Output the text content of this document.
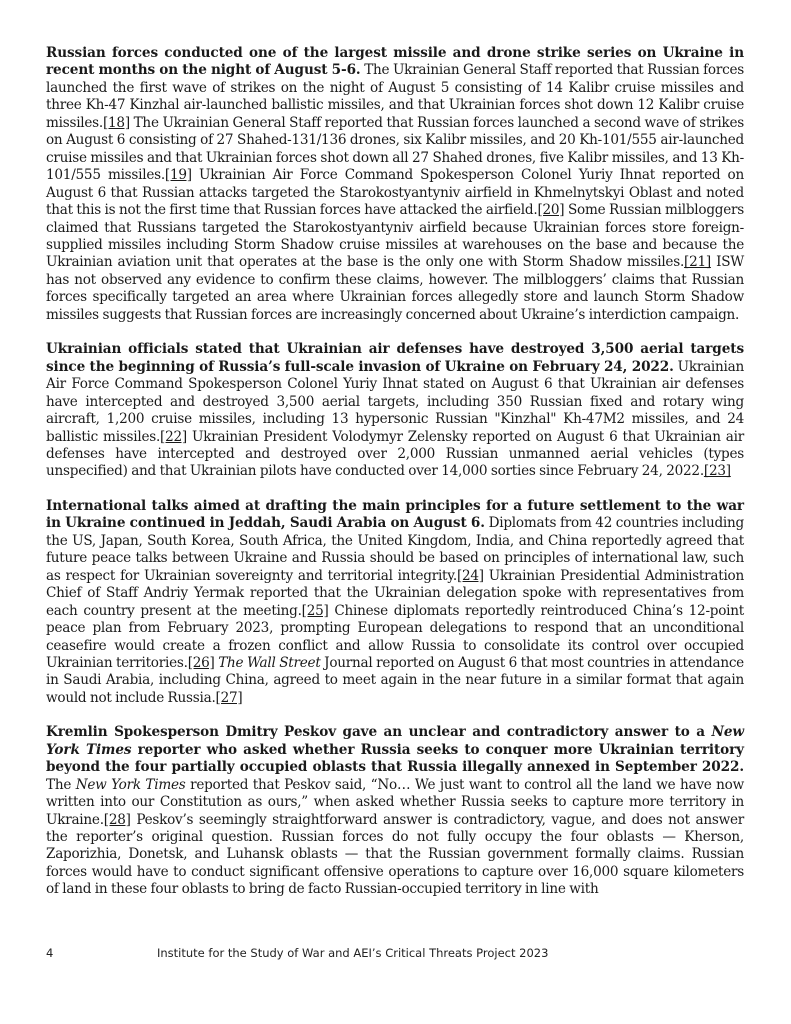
Russian forces conducted one of the largest missile and drone strike series on Ukraine in recent months on the night of August 5-6. The Ukrainian General Staff reported that Russian forces launched the first wave of strikes on the night of August 5 consisting of 14 Kalibr cruise missiles and three Kh-47 Kinzhal air-launched ballistic missiles, and that Ukrainian forces shot down 12 Kalibr cruise missiles.[18] The Ukrainian General Staff reported that Russian forces launched a second wave of strikes on August 6 consisting of 27 Shahed-131/136 drones, six Kalibr missiles, and 20 Kh-101/555 air-launched cruise missiles and that Ukrainian forces shot down all 27 Shahed drones, five Kalibr missiles, and 13 Kh-101/555 missiles.[19] Ukrainian Air Force Command Spokesperson Colonel Yuriy Ihnat reported on August 6 that Russian attacks targeted the Starokostyantyniv airfield in Khmelnytskyi Oblast and noted that this is not the first time that Russian forces have attacked the airfield.[20] Some Russian milbloggers claimed that Russians targeted the Starokostyantyniv airfield because Ukrainian forces store foreign-supplied missiles including Storm Shadow cruise missiles at warehouses on the base and because the Ukrainian aviation unit that operates at the base is the only one with Storm Shadow missiles.[21] ISW has not observed any evidence to confirm these claims, however. The milbloggers’ claims that Russian forces specifically targeted an area where Ukrainian forces allegedly store and launch Storm Shadow missiles suggests that Russian forces are increasingly concerned about Ukraine’s interdiction campaign.

Ukrainian officials stated that Ukrainian air defenses have destroyed 3,500 aerial targets since the beginning of Russia’s full-scale invasion of Ukraine on February 24, 2022. Ukrainian Air Force Command Spokesperson Colonel Yuriy Ihnat stated on August 6 that Ukrainian air defenses have intercepted and destroyed 3,500 aerial targets, including 350 Russian fixed and rotary wing aircraft, 1,200 cruise missiles, including 13 hypersonic Russian "Kinzhal" Kh-47M2 missiles, and 24 ballistic missiles.[22] Ukrainian President Volodymyr Zelensky reported on August 6 that Ukrainian air defenses have intercepted and destroyed over 2,000 Russian unmanned aerial vehicles (types unspecified) and that Ukrainian pilots have conducted over 14,000 sorties since February 24, 2022.[23]

International talks aimed at drafting the main principles for a future settlement to the war in Ukraine continued in Jeddah, Saudi Arabia on August 6. Diplomats from 42 countries including the US, Japan, South Korea, South Africa, the United Kingdom, India, and China reportedly agreed that future peace talks between Ukraine and Russia should be based on principles of international law, such as respect for Ukrainian sovereignty and territorial integrity.[24] Ukrainian Presidential Administration Chief of Staff Andriy Yermak reported that the Ukrainian delegation spoke with representatives from each country present at the meeting.[25] Chinese diplomats reportedly reintroduced China’s 12-point peace plan from February 2023, prompting European delegations to respond that an unconditional ceasefire would create a frozen conflict and allow Russia to consolidate its control over occupied Ukrainian territories.[26] The Wall Street Journal reported on August 6 that most countries in attendance in Saudi Arabia, including China, agreed to meet again in the near future in a similar format that again would not include Russia.[27]

Kremlin Spokesperson Dmitry Peskov gave an unclear and contradictory answer to a New York Times reporter who asked whether Russia seeks to conquer more Ukrainian territory beyond the four partially occupied oblasts that Russia illegally annexed in September 2022. The New York Times reported that Peskov said, “No… We just want to control all the land we have now written into our Constitution as ours,” when asked whether Russia seeks to capture more territory in Ukraine.[28] Peskov’s seemingly straightforward answer is contradictory, vague, and does not answer the reporter’s original question. Russian forces do not fully occupy the four oblasts — Kherson, Zaporizhia, Donetsk, and Luhansk oblasts — that the Russian government formally claims. Russian forces would have to conduct significant offensive operations to capture over 16,000 square kilometers of land in these four oblasts to bring de facto Russian-occupied territory in line with

4	Institute for the Study of War and AEI’s Critical Threats Project 2023
